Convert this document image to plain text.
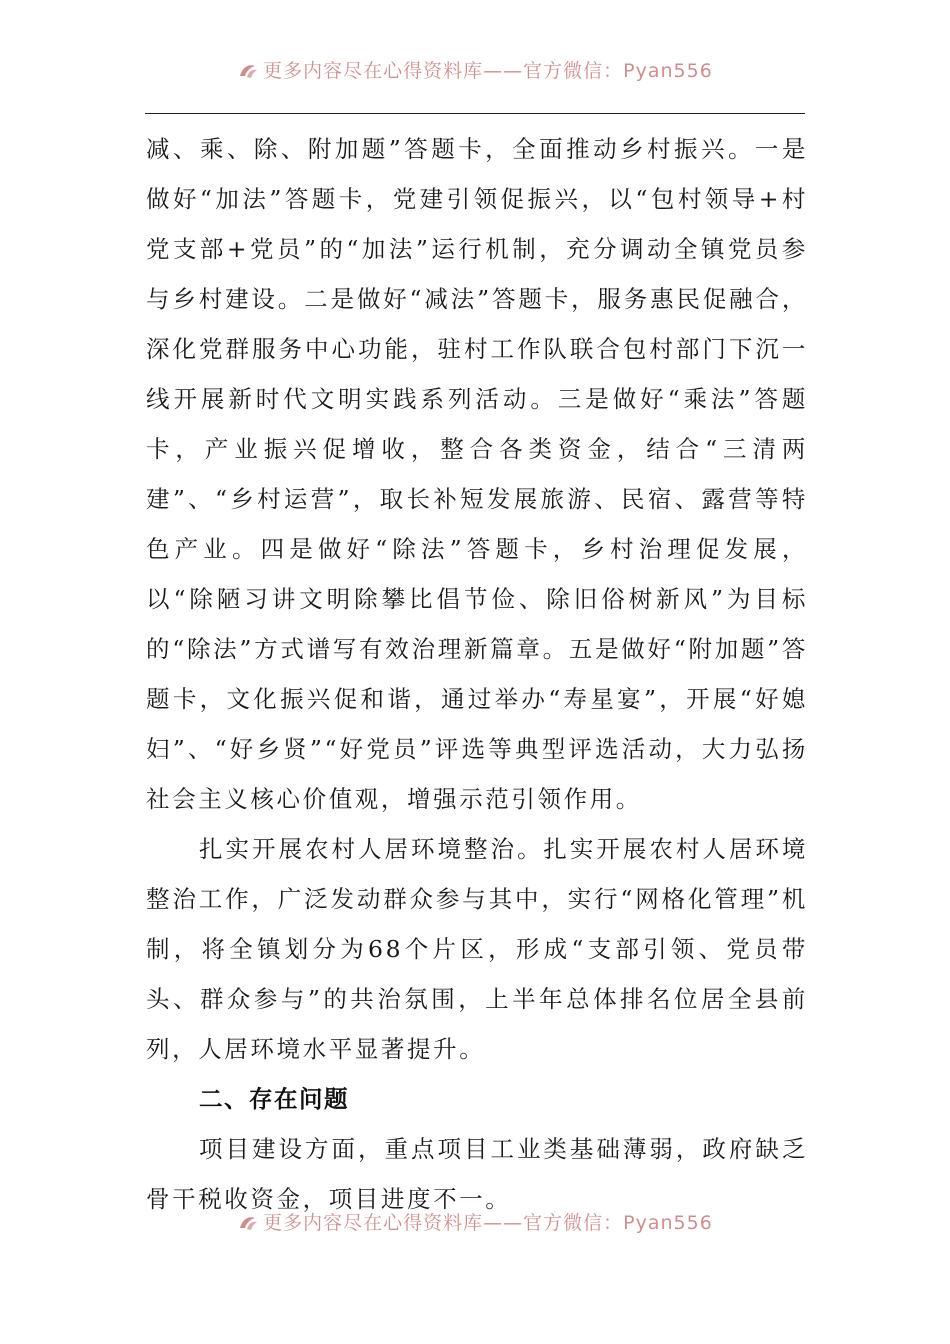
更多内容尽在心得资料库——官方微信：Pyan556

减、乘、除、附加题”答题卡，全面推动乡村振兴。一是做好“加法”答题卡，党建引领促振兴，以“包村领导+村党支部+党员”的“加法”运行机制，充分调动全镇党员参与乡村建设。二是做好“减法”答题卡，服务惠民促融合，深化党群服务中心功能，驻村工作队联合包村部门下沉一线开展新时代文明实践系列活动。三是做好“乘法”答题卡，产业振兴促增收，整合各类资金，结合“三清两建”、“乡村运营”，取长补短发展旅游、民宿、露营等特色产业。四是做好“除法”答题卡，乡村治理促发展，以“除陋习讲文明除攀比倡节俭、除旧俗树新风”为目标的“除法”方式谱写有效治理新篇章。五是做好“附加题”答题卡，文化振兴促和谐，通过举办“寿星宴”，开展“好媳妇”、“好乡贤”“好党员”评选等典型评选活动，大力弘扬社会主义核心价值观，增强示范引领作用。

扎实开展农村人居环境整治。扎实开展农村人居环境整治工作，广泛发动群众参与其中，实行“网格化管理”机制，将全镇划分为68个片区，形成“支部引领、党员带头、群众参与”的共治氛围，上半年总体排名位居全县前列，人居环境水平显著提升。

二、存在问题

项目建设方面，重点项目工业类基础薄弱，政府缺乏骨干税收资金，项目进度不一。

更多内容尽在心得资料库——官方微信：Pyan556
